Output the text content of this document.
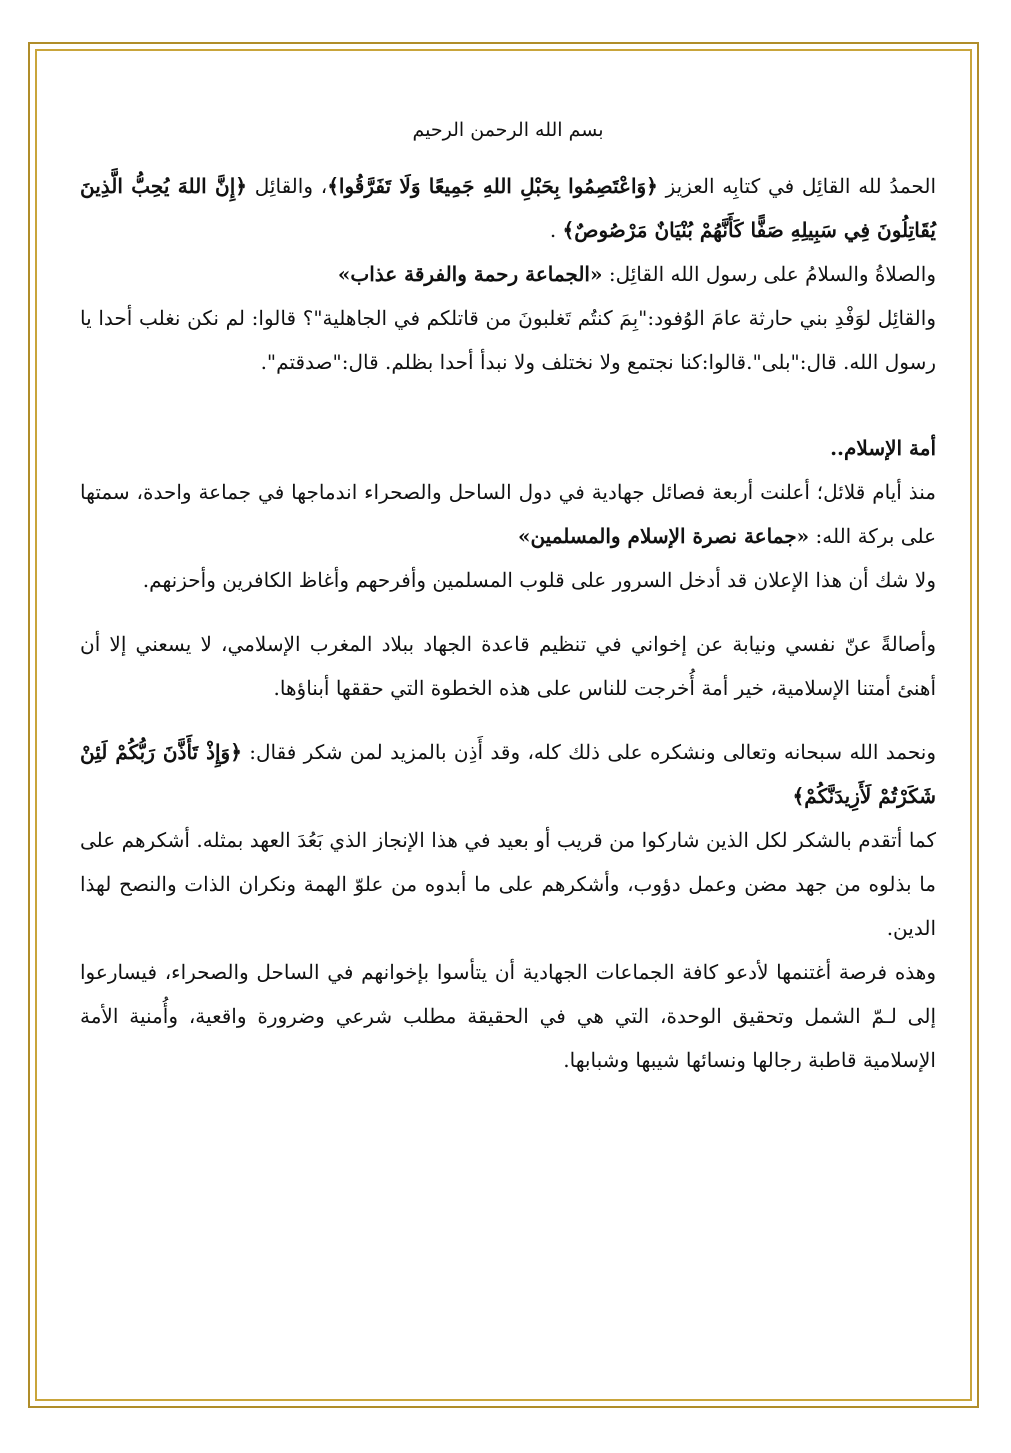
بسم الله الرحمن الرحيم

الحمدُ لله القائِل في كتابِه العزيز ﴿وَاعْتَصِمُوا بِحَبْلِ اللهِ جَمِيعًا وَلَا تَفَرَّقُوا﴾، والقائِل ﴿إِنَّ اللهَ يُحِبُّ الَّذِينَ يُقَاتِلُونَ فِي سَبِيلِهِ صَفًّا كَأَنَّهُمْ بُنْيَانٌ مَرْصُوصٌ﴾ .

والصلاةُ والسلامُ على رسول الله القائِل: «الجماعة رحمة والفرقة عذاب»

والقائِل لوَفْدِ بني حارثة عامَ الوُفود:"بِمَ كنتُم تَغلبونَ من قاتلكم في الجاهلية"؟ قالوا: لم نكن نغلب أحدا يا رسول الله. قال:"بلى".قالوا:كنا نجتمع ولا نختلف ولا نبدأ أحدا بظلم. قال:"صدقتم".

أمة الإسلام..

منذ أيام قلائل؛ أعلنت أربعة فصائل جهادية في دول الساحل والصحراء اندماجها في جماعة واحدة، سمتها على بركة الله: «جماعة نصرة الإسلام والمسلمين»

ولا شك أن هذا الإعلان قد أدخل السرور على قلوب المسلمين وأفرحهم وأغاظ الكافرين وأحزنهم.

وأصالةً عنّ نفسي ونيابة عن إخواني في تنظيم قاعدة الجهاد ببلاد المغرب الإسلامي، لا يسعني إلا أن أهنئ أمتنا الإسلامية، خير أمة أُخرجت للناس على هذه الخطوة التي حققها أبناؤها.

ونحمد الله سبحانه وتعالى ونشكره على ذلك كله، وقد أَذِن بالمزيد لمن شكر فقال: ﴿وَإِذْ تَأَذَّنَ رَبُّكُمْ لَئِنْ شَكَرْتُمْ لَأَزِيدَنَّكُمْ﴾

كما أتقدم بالشكر لكل الذين شاركوا من قريب أو بعيد في هذا الإنجاز الذي بَعُدَ العهد بمثله. أشكرهم على ما بذلوه من جهد مضن وعمل دؤوب، وأشكرهم على ما أبدوه من علوّ الهمة ونكران الذات والنصح لهذا الدين.

وهذه فرصة أغتنمها لأدعو كافة الجماعات الجهادية أن يتأسوا بإخوانهم في الساحل والصحراء، فيسارعوا إلى لـمّ الشمل وتحقيق الوحدة، التي هي في الحقيقة مطلب شرعي وضرورة واقعية، وأُمنية الأمة الإسلامية قاطبة رجالها ونسائها شيبها وشبابها.
